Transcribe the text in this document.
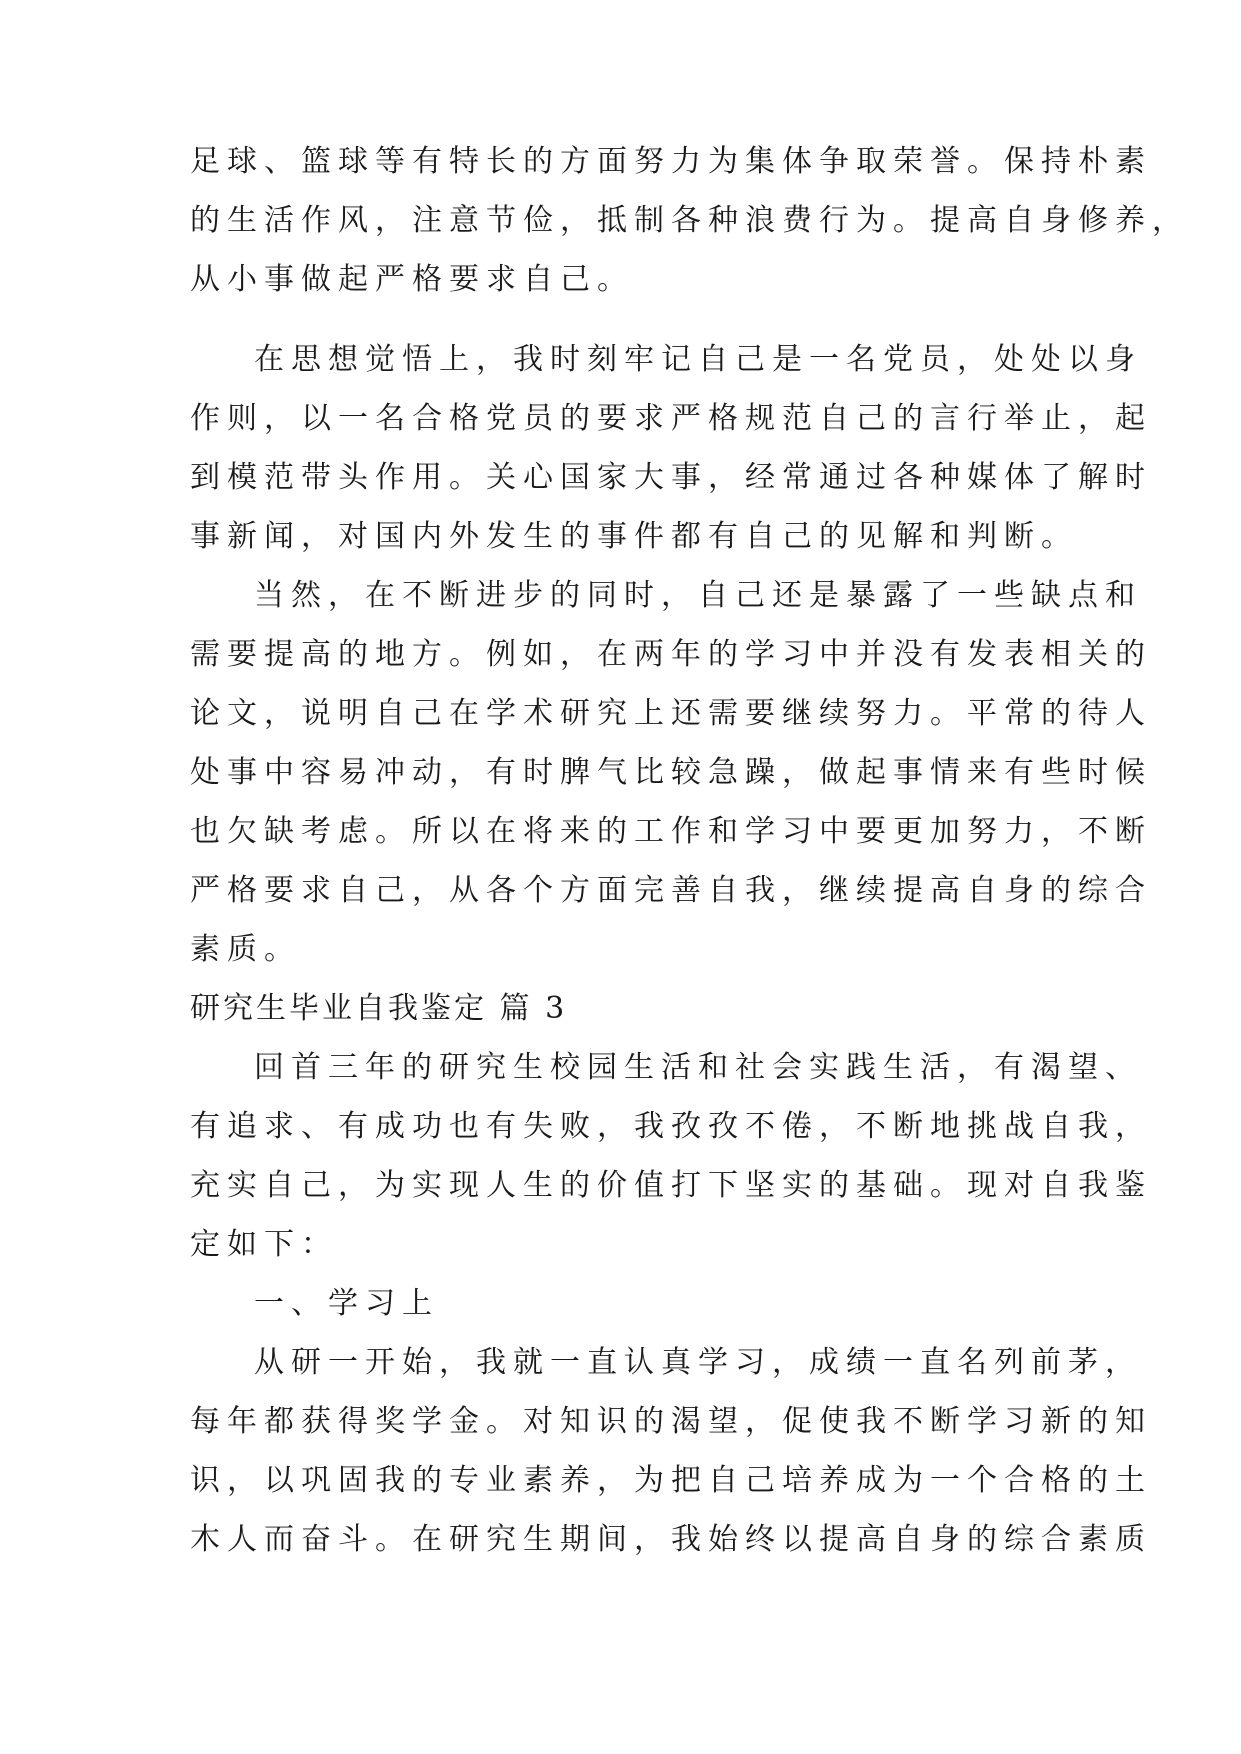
足球、篮球等有特长的方面努力为集体争取荣誉。保持朴素

的生活作风，注意节俭，抵制各种浪费行为。提高自身修养，

从小事做起严格要求自己。

在思想觉悟上，我时刻牢记自己是一名党员，处处以身

作则，以一名合格党员的要求严格规范自己的言行举止，起

到模范带头作用。关心国家大事，经常通过各种媒体了解时

事新闻，对国内外发生的事件都有自己的见解和判断。

当然，在不断进步的同时，自己还是暴露了一些缺点和

需要提高的地方。例如，在两年的学习中并没有发表相关的

论文，说明自己在学术研究上还需要继续努力。平常的待人

处事中容易冲动，有时脾气比较急躁，做起事情来有些时候

也欠缺考虑。所以在将来的工作和学习中要更加努力，不断

严格要求自己，从各个方面完善自我，继续提高自身的综合

素质。

研究生毕业自我鉴定 篇 3

回首三年的研究生校园生活和社会实践生活，有渴望、

有追求、有成功也有失败，我孜孜不倦，不断地挑战自我，

充实自己，为实现人生的价值打下坚实的基础。现对自我鉴

定如下：

一、学习上

从研一开始，我就一直认真学习，成绩一直名列前茅，

每年都获得奖学金。对知识的渴望，促使我不断学习新的知

识，以巩固我的专业素养，为把自己培养成为一个合格的土

木人而奋斗。在研究生期间，我始终以提高自身的综合素质
